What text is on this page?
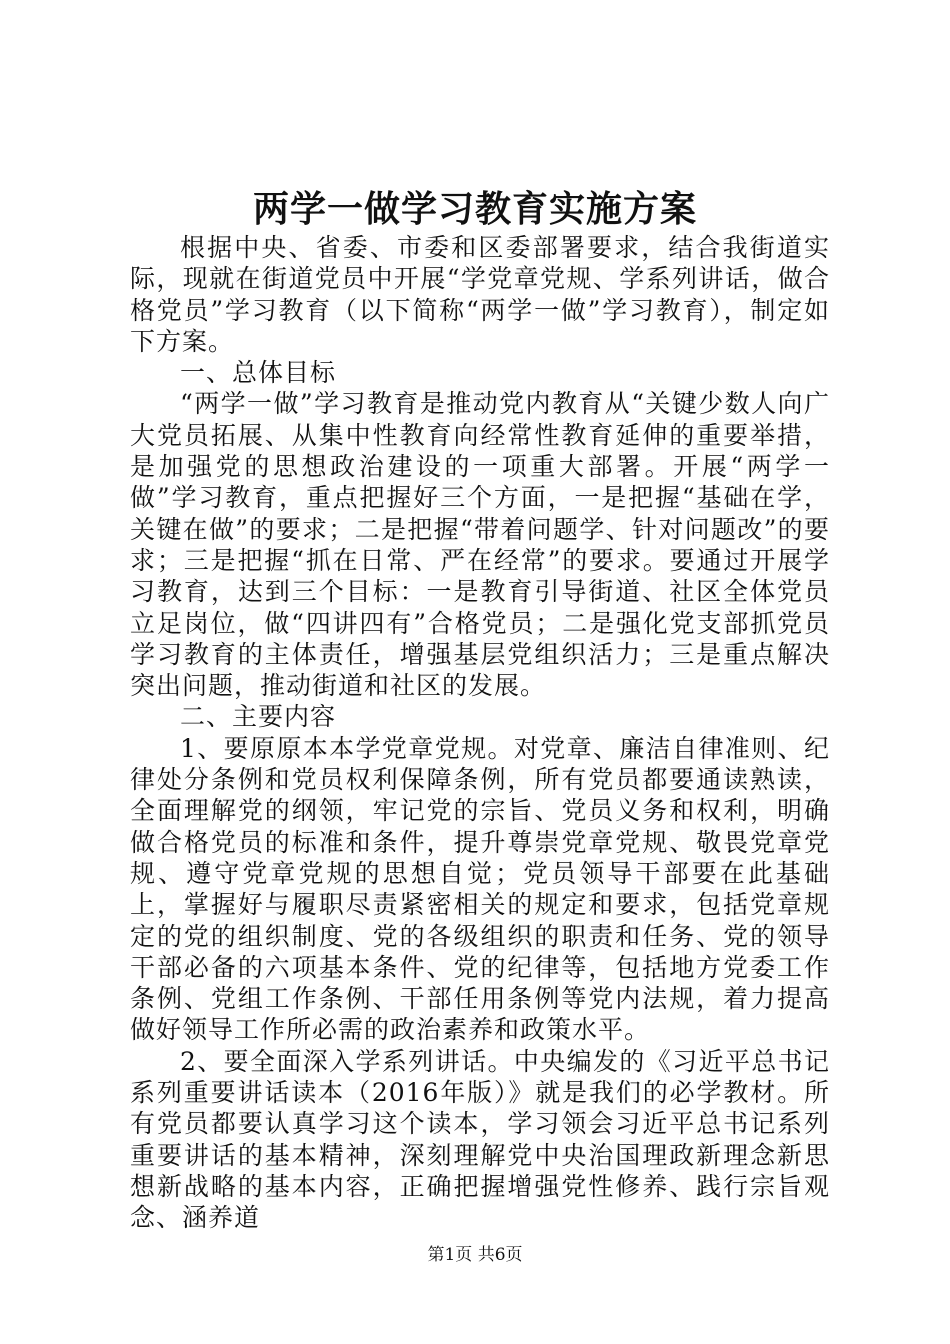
两学一做学习教育实施方案

根据中央、省委、市委和区委部署要求，结合我街道实际，现就在街道党员中开展“学党章党规、学系列讲话，做合格党员”学习教育（以下简称“两学一做”学习教育），制定如下方案。

一、总体目标

“两学一做”学习教育是推动党内教育从“关键少数人向广大党员拓展、从集中性教育向经常性教育延伸的重要举措，是加强党的思想政治建设的一项重大部署。开展“两学一做”学习教育，重点把握好三个方面，一是把握“基础在学，关键在做”的要求；二是把握“带着问题学、针对问题改”的要求；三是把握“抓在日常、严在经常”的要求。要通过开展学习教育，达到三个目标：一是教育引导街道、社区全体党员立足岗位，做“四讲四有”合格党员；二是强化党支部抓党员学习教育的主体责任，增强基层党组织活力；三是重点解决突出问题，推动街道和社区的发展。

二、主要内容

1、要原原本本学党章党规。对党章、廉洁自律准则、纪律处分条例和党员权利保障条例，所有党员都要通读熟读，全面理解党的纲领，牢记党的宗旨、党员义务和权利，明确做合格党员的标准和条件，提升尊崇党章党规、敬畏党章党规、遵守党章党规的思想自觉；党员领导干部要在此基础上，掌握好与履职尽责紧密相关的规定和要求，包括党章规定的党的组织制度、党的各级组织的职责和任务、党的领导干部必备的六项基本条件、党的纪律等，包括地方党委工作条例、党组工作条例、干部任用条例等党内法规，着力提高做好领导工作所必需的政治素养和政策水平。

2、要全面深入学系列讲话。中央编发的《习近平总书记系列重要讲话读本（2016年版）》就是我们的必学教材。所有党员都要认真学习这个读本，学习领会习近平总书记系列重要讲话的基本精神，深刻理解党中央治国理政新理念新思想新战略的基本内容，正确把握增强党性修养、践行宗旨观念、涵养道

第1页 共6页
